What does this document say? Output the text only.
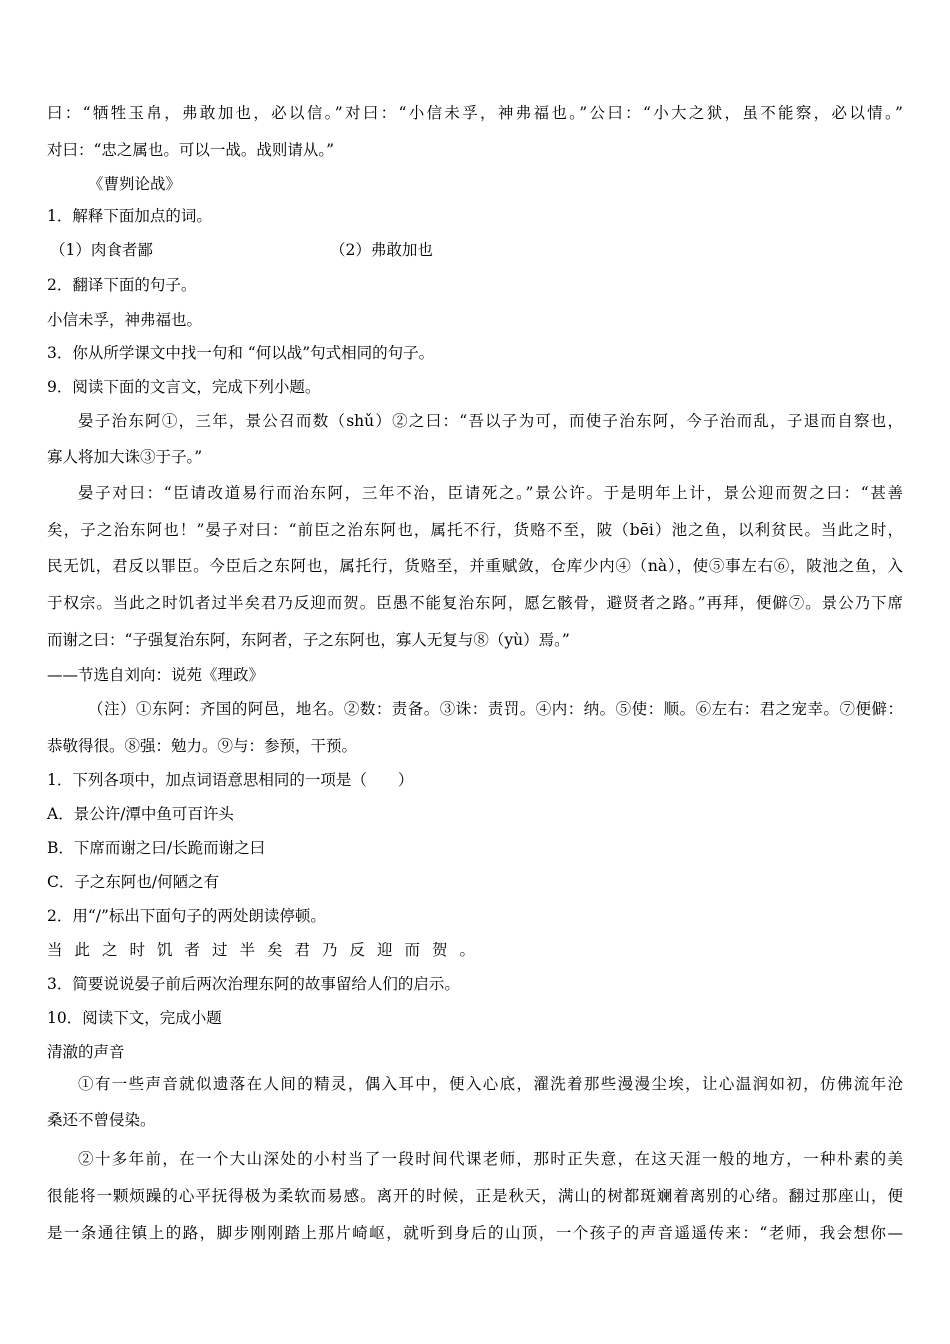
曰：“牺牲玉帛，弗敢加也，必以信。”对曰：“小信未孚，神弗福也。”公曰：“小大之狱，虽不能察，必以情。”
对曰：“忠之属也。可以一战。战则请从。”
《曹刿论战》
1．解释下面加点的词。
（1）肉食者鄙	（2）弗敢加也
2．翻译下面的句子。
小信未孚，神弗福也。
3．你从所学课文中找一句和 “何以战”句式相同的句子。
9．阅读下面的文言文，完成下列小题。
晏子治东阿①，三年，景公召而数（shǔ）②之曰：“吾以子为可，而使子治东阿，今子治而乱，子退而自察也，
寡人将加大诛③于子。”
晏子对曰：“臣请改道易行而治东阿，三年不治，臣请死之。”景公许。于是明年上计，景公迎而贺之曰：“甚善
矣，子之治东阿也！”晏子对曰：“前臣之治东阿也，属托不行，货赂不至，陂（bēi）池之鱼，以利贫民。当此之时，
民无饥，君反以罪臣。今臣后之东阿也，属托行，货赂至，并重赋敛，仓库少内④（nà），使⑤事左右⑥，陂池之鱼，入
于权宗。当此之时饥者过半矣君乃反迎而贺。臣愚不能复治东阿，愿乞骸骨，避贤者之路。”再拜，便僻⑦。景公乃下席
而谢之曰：“子强复治东阿，东阿者，子之东阿也，寡人无复与⑧（yù）焉。”
——节选自刘向：说苑《理政》
（注）①东阿：齐国的阿邑，地名。②数：责备。③诛：责罚。④内：纳。⑤使：顺。⑥左右：君之宠幸。⑦便僻：
恭敬得很。⑧强：勉力。⑨与：参预，干预。
1．下列各项中，加点词语意思相同的一项是（　　）
A．景公许/潭中鱼可百许头
B．下席而谢之曰/长跪而谢之曰
C．子之东阿也/何陋之有
2．用“/”标出下面句子的两处朗读停顿。
当此之时饥者过半矣君乃反迎而贺。
3．简要说说晏子前后两次治理东阿的故事留给人们的启示。
10．阅读下文，完成小题
清澈的声音
①有一些声音就似遗落在人间的精灵，偶入耳中，便入心底，濯洗着那些漫漫尘埃，让心温润如初，仿佛流年沧
桑还不曾侵染。
②十多年前，在一个大山深处的小村当了一段时间代课老师，那时正失意，在这天涯一般的地方，一种朴素的美
很能将一颗烦躁的心平抚得极为柔软而易感。离开的时候，正是秋天，满山的树都斑斓着离别的心绪。翻过那座山，便
是一条通往镇上的路，脚步刚刚踏上那片崎岖，就听到身后的山顶，一个孩子的声音遥遥传来：“老师，我会想你—
